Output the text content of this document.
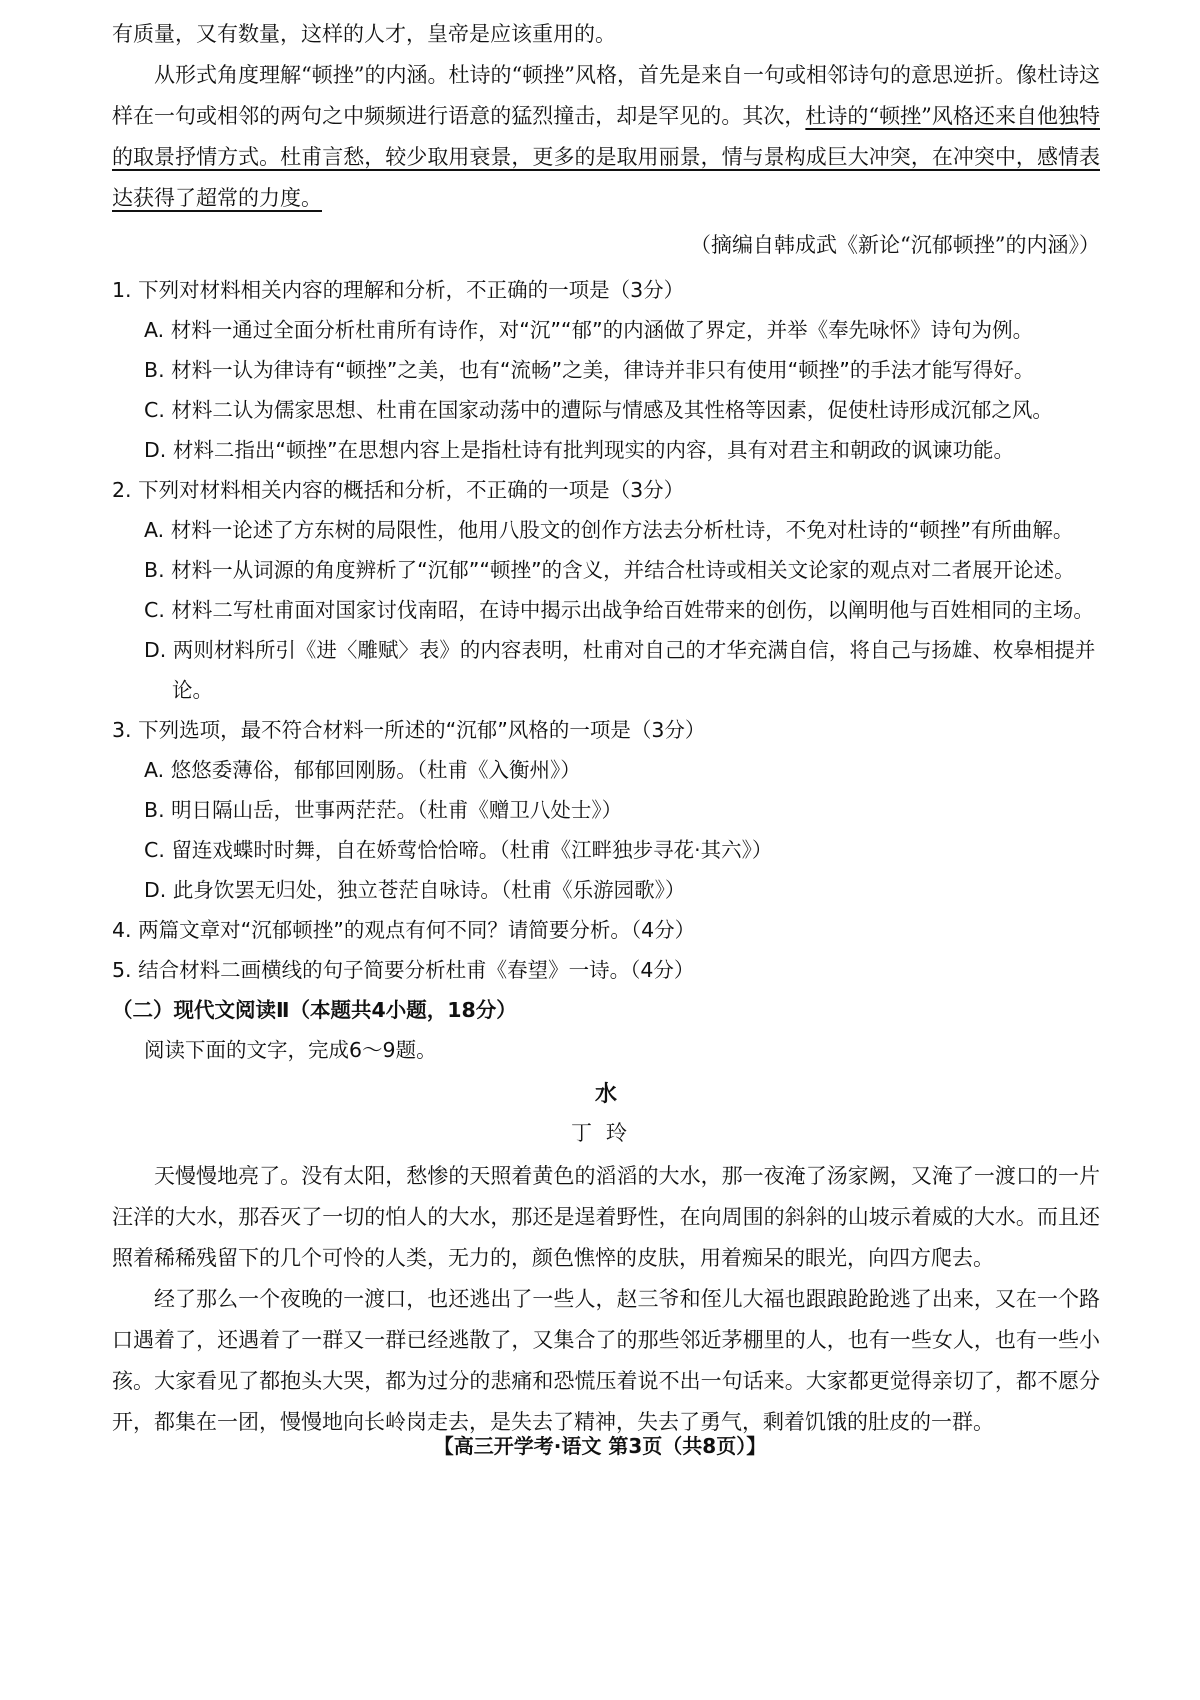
有质量，又有数量，这样的人才，皇帝是应该重用的。

从形式角度理解“顿挫”的内涵。杜诗的“顿挫”风格，首先是来自一句或相邻诗句的意思逆折。像杜诗这样在一句或相邻的两句之中频频进行语意的猛烈撞击，却是罕见的。其次，杜诗的“顿挫”风格还来自他独特的取景抒情方式。杜甫言愁，较少取用衰景，更多的是取用丽景，情与景构成巨大冲突，在冲突中，感情表达获得了超常的力度。

（摘编自韩成武《新论“沉郁顿挫”的内涵》）

1. 下列对材料相关内容的理解和分析，不正确的一项是（3分）

A. 材料一通过全面分析杜甫所有诗作，对“沉”“郁”的内涵做了界定，并举《奉先咏怀》诗句为例。

B. 材料一认为律诗有“顿挫”之美，也有“流畅”之美，律诗并非只有使用“顿挫”的手法才能写得好。

C. 材料二认为儒家思想、杜甫在国家动荡中的遭际与情感及其性格等因素，促使杜诗形成沉郁之风。

D. 材料二指出“顿挫”在思想内容上是指杜诗有批判现实的内容，具有对君主和朝政的讽谏功能。

2. 下列对材料相关内容的概括和分析，不正确的一项是（3分）

A. 材料一论述了方东树的局限性，他用八股文的创作方法去分析杜诗，不免对杜诗的“顿挫”有所曲解。

B. 材料一从词源的角度辨析了“沉郁”“顿挫”的含义，并结合杜诗或相关文论家的观点对二者展开论述。

C. 材料二写杜甫面对国家讨伐南昭，在诗中揭示出战争给百姓带来的创伤，以阐明他与百姓相同的主场。

D. 两则材料所引《进〈雕赋〉表》的内容表明，杜甫对自己的才华充满自信，将自己与扬雄、枚皋相提并论。

3. 下列选项，最不符合材料一所述的“沉郁”风格的一项是（3分）

A. 悠悠委薄俗，郁郁回刚肠。（杜甫《入衡州》）

B. 明日隔山岳，世事两茫茫。（杜甫《赠卫八处士》）

C. 留连戏蝶时时舞，自在娇莺恰恰啼。（杜甫《江畔独步寻花·其六》）

D. 此身饮罢无归处，独立苍茫自咏诗。（杜甫《乐游园歌》）

4. 两篇文章对“沉郁顿挫”的观点有何不同？请简要分析。（4分）

5. 结合材料二画横线的句子简要分析杜甫《春望》一诗。（4分）

（二）现代文阅读Ⅱ（本题共4小题，18分）

阅读下面的文字，完成6～9题。

水

丁玲

天慢慢地亮了。没有太阳，愁惨的天照着黄色的滔滔的大水，那一夜淹了汤家阙，又淹了一渡口的一片汪洋的大水，那吞灭了一切的怕人的大水，那还是逞着野性，在向周围的斜斜的山坡示着威的大水。而且还照着稀稀残留下的几个可怜的人类，无力的，颜色憔悴的皮肤，用着痴呆的眼光，向四方爬去。

经了那么一个夜晚的一渡口，也还逃出了一些人，赵三爷和侄儿大福也跟踉跄跄逃了出来，又在一个路口遇着了，还遇着了一群又一群已经逃散了，又集合了的那些邻近茅棚里的人，也有一些女人，也有一些小孩。大家看见了都抱头大哭，都为过分的悲痛和恐慌压着说不出一句话来。大家都更觉得亲切了，都不愿分开，都集在一团，慢慢地向长岭岗走去，是失去了精神，失去了勇气，剩着饥饿的肚皮的一群。

【高三开学考·语文 第3页（共8页）】
